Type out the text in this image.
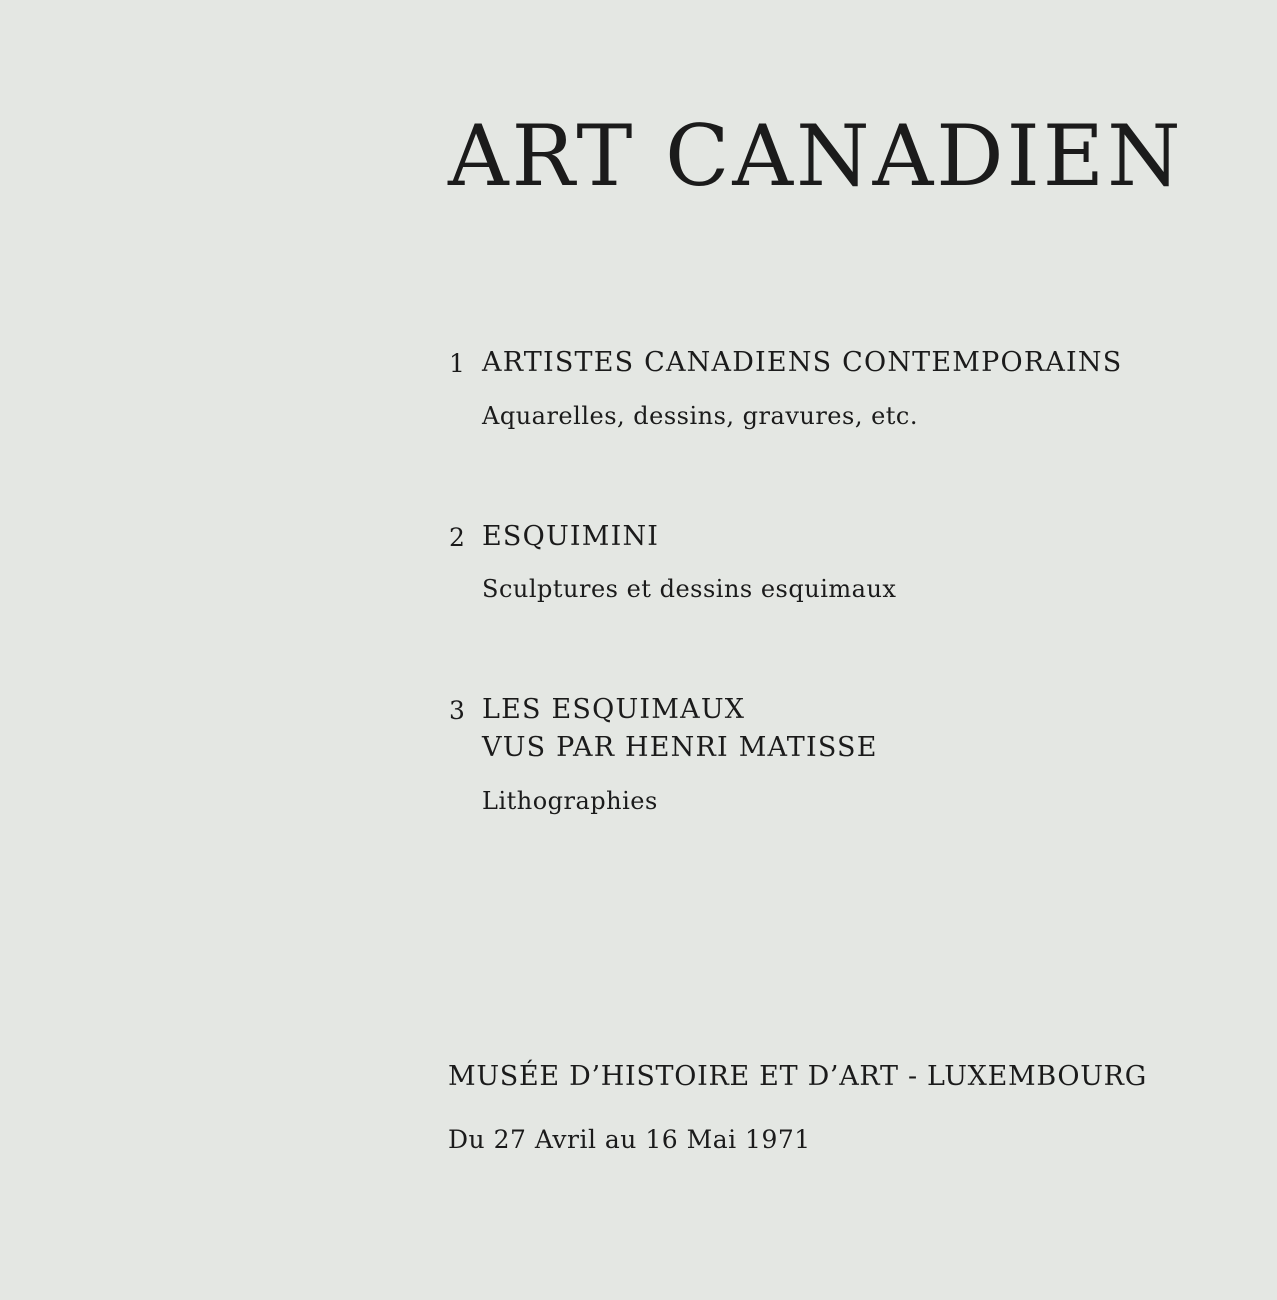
ART CANADIEN
1 ARTISTES CANADIENS CONTEMPORAINS
Aquarelles, dessins, gravures, etc.
2 ESQUIMINI
Sculptures et dessins esquimaux
3 LES ESQUIMAUX
VUS PAR HENRI MATISSE
Lithographies
MUSÉE D’HISTOIRE ET D’ART - LUXEMBOURG
Du 27 Avril au 16 Mai 1971
